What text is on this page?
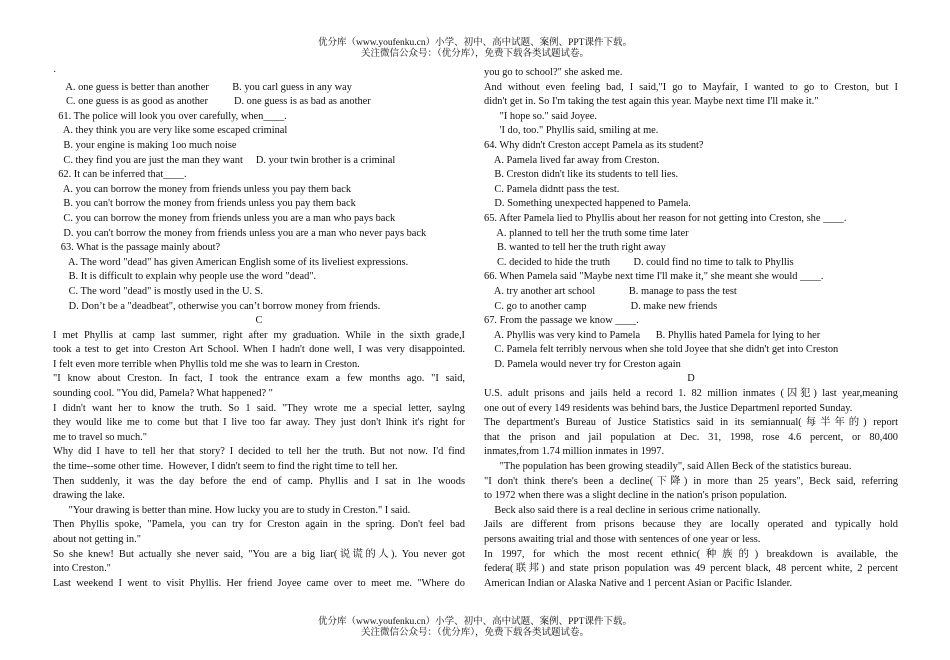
优分库（www.youfenku.cn）小学、初中、高中试题、案例、PPT课件下载。
关注微信公众号：（优分库），免费下载各类试题试卷。
·
A. one guess is better than another         B. you carl guess in any way
C. one guess is as good as another          D. one guess is as bad as another
61. The police will look you over carefully, when____.
A. they think you are very like some escaped criminal
B. your engine is making 1oo much noise
C. they find you are just the man they want     D. your twin brother is a criminal
62. It can be inferred that____.
A. you can borrow the money from friends unless you pay them back
B. you can't borrow the money from friends unless you pay them back
C. you can borrow the money from friends unless you are a man who pays back
D. you can't borrow the money from friends unless you are a man who never pays back
63. What is the passage mainly about?
A. The word "dead" has given American English some of its liveliest expressions.
B. It is difficult to explain why people use the word "dead".
C. The word "dead" is mostly used in the U. S.
D. Don’t be a "deadbeat", otherwise you can’t borrow money from friends.
C
I met Phyllis at camp last summer, right after my graduation. While in the sixth grade,I
took a test to get into Creston Art School. When I hadn't done well, I was very disappointed.
I felt even more terrible when Phyllis told me she was to learn in Creston.
"I know about Creston. In fact, I took the entrance exam a few months ago. "I said,
sounding cool. "You did, Pamela? What happened? "
I didn't want her to know the truth. So 1 said. "They wrote me a special letter, saylng
they would like me to come but that I live too far away. They just don't lhink it's right for
me to travel so much."
Why did I have to tell her that story? I decided to tell her the truth. But not now. I'd find
the time--some other time.  However, I didn't seem to find the right time to tell her.
Then suddenly, it was the day before the end of camp. Phyllis and I sat in 1he woods
drawing the lake.
"Your drawing is better than mine. How lucky you are to study in Creston." I said.
Then Phyllis spoke, "Pamela, you can try for Creston again in the spring. Don't feel bad
about not getting in."
So she knew! But actually she never said, "You are a big liar(说谎的人). You never got
into Creston."
Last weekend I went to visit Phyllis. Her friend Joyee came over to meet me. "Where do
you go to school?" she asked me.
And without even feeling bad, I said,"I go to Mayfair, I wanted to go to Creston, but I
didn't get in. So I'm taking the test again this year. Maybe next time I'll make it."
"I hope so." said Joyee.
'I do, too." Phyllis said, smiling at me.
64. Why didn't Creston accept Pamela as its student?
A. Pamela lived far away from Creston.
B. Creston didn't like its students to tell lies.
C. Pamela didntt pass the test.
D. Something unexpected happened to Pamela.
65. After Pamela lied to Phyllis about her reason for not getting into Creston, she ____.
A. planned to tell her the truth some time later
B. wanted to tell her the truth right away
C. decided to hide the truth         D. could find no time to talk to Phyllis
66. When Pamela said "Maybe next time I'll make it," she meant she would ____.
A. try another art school             B. manage to pass the test
C. go to another camp                 D. make new friends
67. From the passage we know ____.
A. Phyllis was very kind to Pamela      B. Phyllis hated Pamela for lying to her
C. Pamela felt terribly nervous when she told Joyee that she didn't get into Creston
D. Pamela would never try for Creston again
D
U.S. adult prisons and jails held a record 1. 82 million inmates (囚犯) last year,meaning
one out of every 149 residents was behind bars, the Justice Departmenl reported Sunday.
The department's Bureau of Justice Statistics said in its semiannual(每半年的) report
that the prison and jail population at Dec. 31, 1998, rose 4.6 percent, or 80,400
inmates,from 1.74 million inmates in 1997.
"The population has been growing steadily", said Allen Beck of the statistics bureau.
"I don't think there's been a decline(下降) in more than 25 years", Beck said, referring
to 1972 when there was a slight decline in the nation's prison population.
Beck also said there is a real decline in serious crime nationally.
Jails are different from prisons because they are locally operated and typically hold
persons awaiting trial and those with sentences of one year or less.
In 1997, for which the most recent ethnic(种族的) breakdown is available, the
federa(联邦) and state prison population was 49 percent black, 48 percent white, 2 percent
American Indian or Alaska Native and 1 percent Asian or Pacific Islander.
优分库（www.youfenku.cn）小学、初中、高中试题、案例、PPT课件下载。
关注微信公众号：（优分库），免费下载各类试题试卷。
